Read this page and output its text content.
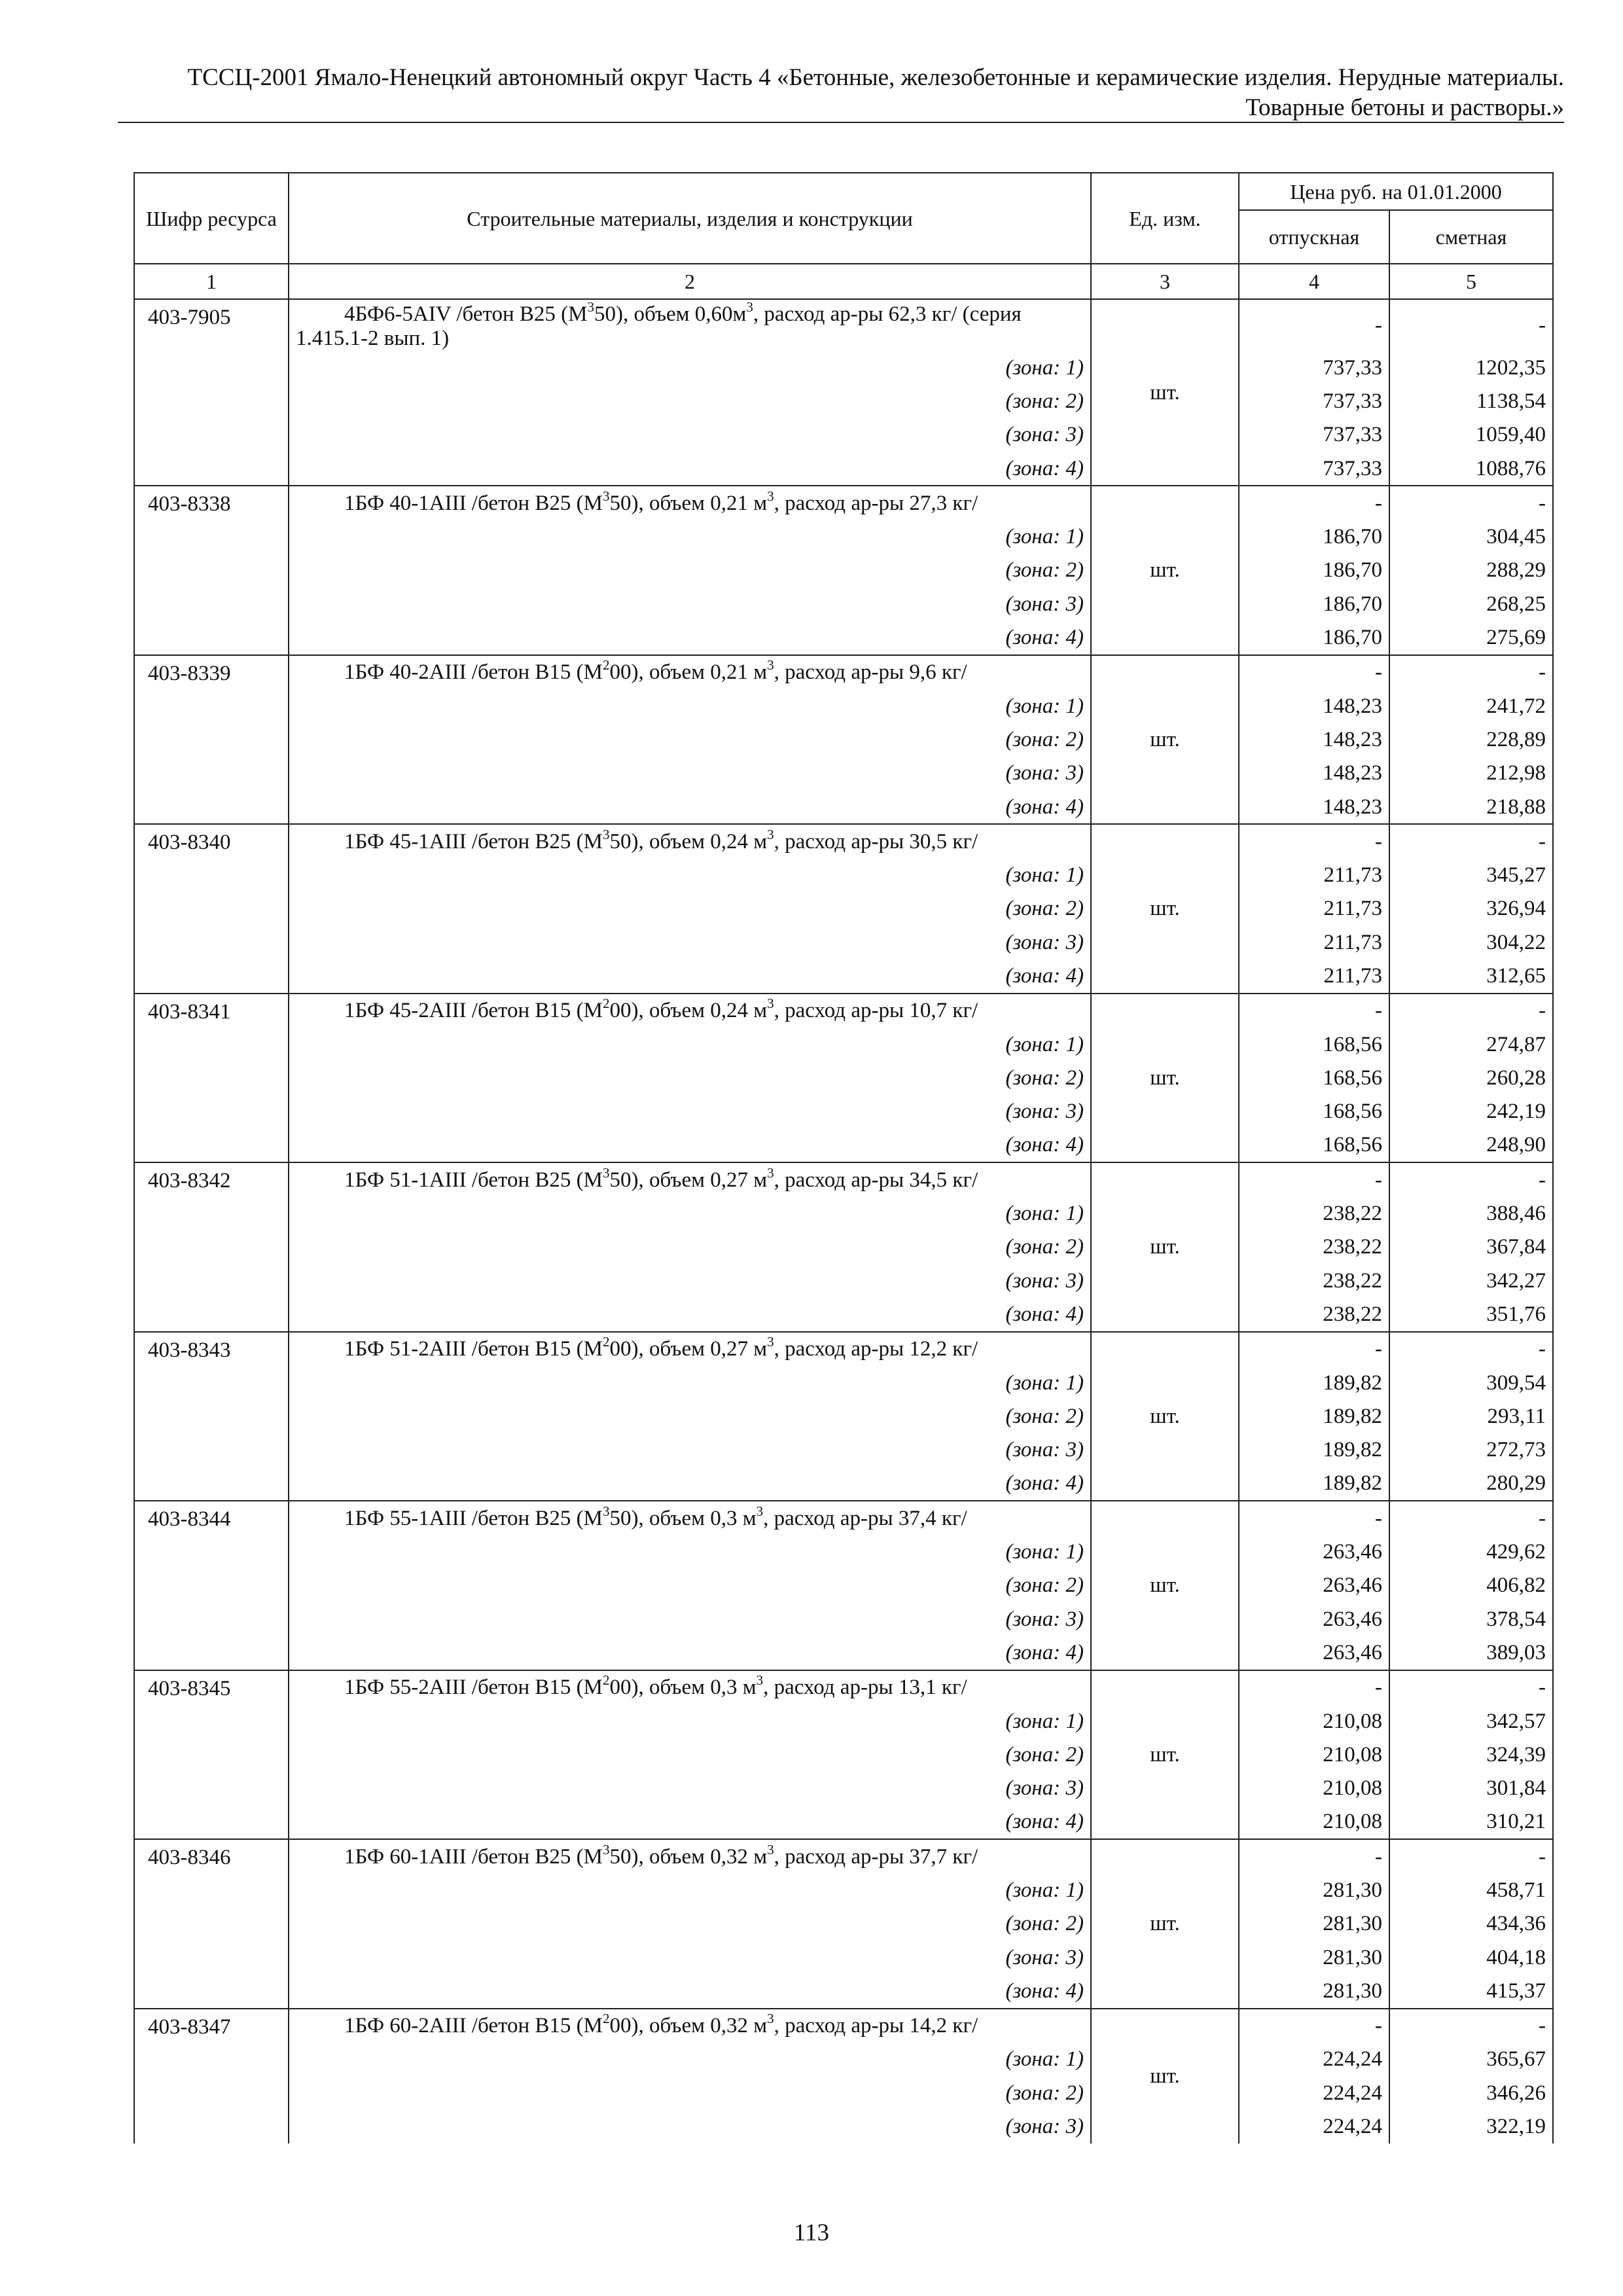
ТССЦ-2001 Ямало-Ненецкий автономный округ Часть 4 «Бетонные, железобетонные и керамические изделия. Нерудные материалы.
Товарные бетоны и растворы.»
Шифр ресурса	Строительные материалы, изделия и конструкции	Ед. изм.	Цена руб. на 01.01.2000	
			отпускная	сметная
1	2	3	4	5
403-7905	4БФ6-5AIV /бетон В25 $(М^350)$, объем $0,60м^3$, расход ар-ры 62,3 кг/ (серия 1.415.1-2 вып. 1)	шт.	-	-
	(зона: 1)		737,33	1202,35
	(зона: 2)		737,33	1138,54
	(зона: 3)		737,33	1059,40
	(зона: 4)		737,33	1088,76
403-8338	1БФ 40-1АIII /бетон В25 $(М^350)$, объем 0,21 $м^3$, расход ар-ры 27,3 кг/	шт.	-	-
	(зона: 1)		186,70	304,45
	(зона: 2)		186,70	288,29
	(зона: 3)		186,70	268,25
	(зона: 4)		186,70	275,69
403-8339	1БФ 40-2АIII /бетон В15 $(М^200)$, объем 0,21 $м^3$, расход ар-ры 9,6 кг/	шт.	-	-
	(зона: 1)		148,23	241,72
	(зона: 2)		148,23	228,89
	(зона: 3)		148,23	212,98
	(зона: 4)		148,23	218,88
403-8340	1БФ 45-1АIII /бетон В25 $(М^350)$, объем 0,24 $м^3$, расход ар-ры 30,5 кг/	шт.	-	-
	(зона: 1)		211,73	345,27
	(зона: 2)		211,73	326,94
	(зона: 3)		211,73	304,22
	(зона: 4)		211,73	312,65
403-8341	1БФ 45-2АIII /бетон В15 $(М^200)$, объем 0,24 $м^3$, расход ар-ры 10,7 кг/	шт.	-	-
	(зона: 1)		168,56	274,87
	(зона: 2)		168,56	260,28
	(зона: 3)		168,56	242,19
	(зона: 4)		168,56	248,90
403-8342	1БФ 51-1АIII /бетон В25 $(М^350)$, объем 0,27 $м^3$, расход ар-ры 34,5 кг/	шт.	-	-
	(зона: 1)		238,22	388,46
	(зона: 2)		238,22	367,84
	(зона: 3)		238,22	342,27
	(зона: 4)		238,22	351,76
403-8343	1БФ 51-2АIII /бетон В15 $(М^200)$, объем 0,27 $м^3$, расход ар-ры 12,2 кг/	шт.	-	-
	(зона: 1)		189,82	309,54
	(зона: 2)		189,82	293,11
	(зона: 3)		189,82	272,73
	(зона: 4)		189,82	280,29
403-8344	1БФ 55-1АIII /бетон В25 $(М^350)$, объем 0,3 $м^3$, расход ар-ры 37,4 кг/	шт.	-	-
	(зона: 1)		263,46	429,62
	(зона: 2)		263,46	406,82
	(зона: 3)		263,46	378,54
	(зона: 4)		263,46	389,03
403-8345	1БФ 55-2АIII /бетон В15 $(М^200)$, объем 0,3 $м^3$, расход ар-ры 13,1 кг/	шт.	-	-
	(зона: 1)		210,08	342,57
	(зона: 2)		210,08	324,39
	(зона: 3)		210,08	301,84
	(зона: 4)		210,08	310,21
403-8346	1БФ 60-1АIII /бетон В25 $(М^350)$, объем 0,32 $м^3$, расход ар-ры 37,7 кг/	шт.	-	-
	(зона: 1)		281,30	458,71
	(зона: 2)		281,30	434,36
	(зона: 3)		281,30	404,18
	(зона: 4)		281,30	415,37
403-8347	1БФ 60-2АIII /бетон В15 $(М^200)$, объем 0,32 $м^3$, расход ар-ры 14,2 кг/	шт.	-	-
	(зона: 1)		224,24	365,67
	(зона: 2)		224,24	346,26
	(зона: 3)		224,24	322,19
113
